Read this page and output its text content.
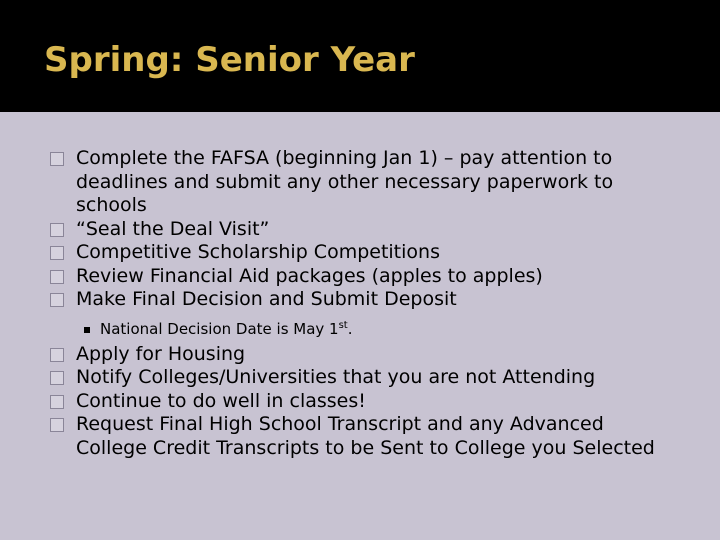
Spring: Senior Year
Complete the FAFSA (beginning Jan 1) – pay attention to deadlines and submit any other necessary paperwork to schools
“Seal the Deal Visit”
Competitive Scholarship Competitions
Review Financial Aid packages (apples to apples)
Make Final Decision and Submit Deposit
National Decision Date is May 1st.
Apply for Housing
Notify Colleges/Universities that you are not Attending
Continue to do well in classes!
Request Final High School Transcript and any Advanced College Credit Transcripts to be Sent to College you Selected
